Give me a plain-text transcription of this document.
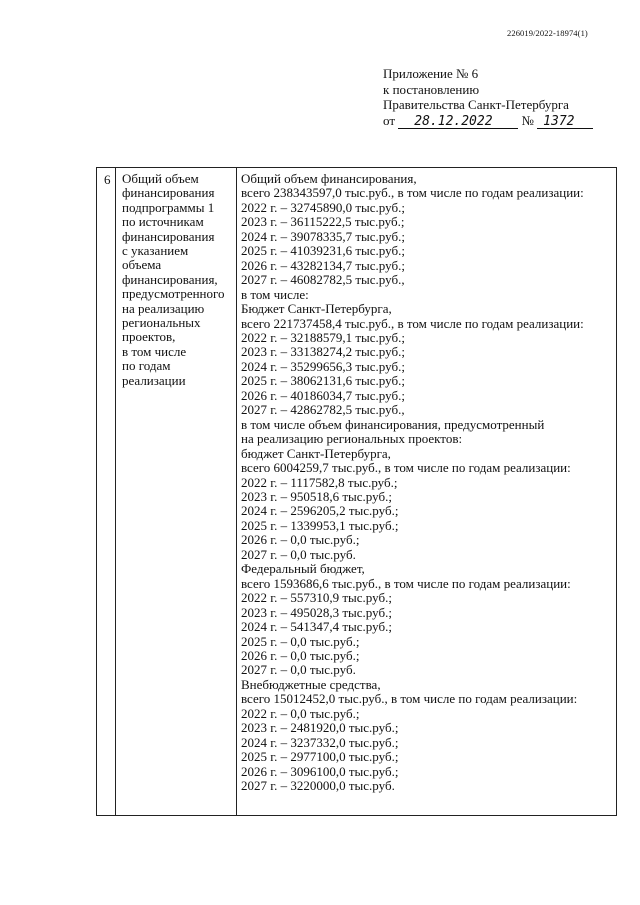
226019/2022-18974(1)
Приложение № 6
к постановлению
Правительства Санкт-Петербурга
от 28.12.2022 № 1372
6 Общий объем
финансирования
подпрограммы 1
по источникам
финансирования
с указанием
объема
финансирования,
предусмотренного
на реализацию
региональных
проектов,
в том числе
по годам
реализации
Общий объем финансирования,
всего 238343597,0 тыс.руб., в том числе по годам реализации:
2022 г. – 32745890,0 тыс.руб.;
2023 г. – 36115222,5 тыс.руб.;
2024 г. – 39078335,7 тыс.руб.;
2025 г. – 41039231,6 тыс.руб.;
2026 г. – 43282134,7 тыс.руб.;
2027 г. – 46082782,5 тыс.руб.,
в том числе:
Бюджет Санкт-Петербурга,
всего 221737458,4 тыс.руб., в том числе по годам реализации:
2022 г. – 32188579,1 тыс.руб.;
2023 г. – 33138274,2 тыс.руб.;
2024 г. – 35299656,3 тыс.руб.;
2025 г. – 38062131,6 тыс.руб.;
2026 г. – 40186034,7 тыс.руб.;
2027 г. – 42862782,5 тыс.руб.,
в том числе объем финансирования, предусмотренный
на реализацию региональных проектов:
бюджет Санкт-Петербурга,
всего 6004259,7 тыс.руб., в том числе по годам реализации:
2022 г. – 1117582,8 тыс.руб.;
2023 г. – 950518,6 тыс.руб.;
2024 г. – 2596205,2 тыс.руб.;
2025 г. – 1339953,1 тыс.руб.;
2026 г. – 0,0 тыс.руб.;
2027 г. – 0,0 тыс.руб.
Федеральный бюджет,
всего 1593686,6 тыс.руб., в том числе по годам реализации:
2022 г. – 557310,9 тыс.руб.;
2023 г. – 495028,3 тыс.руб.;
2024 г. – 541347,4 тыс.руб.;
2025 г. – 0,0 тыс.руб.;
2026 г. – 0,0 тыс.руб.;
2027 г. – 0,0 тыс.руб.
Внебюджетные средства,
всего 15012452,0 тыс.руб., в том числе по годам реализации:
2022 г. – 0,0 тыс.руб.;
2023 г. – 2481920,0 тыс.руб.;
2024 г. – 3237332,0 тыс.руб.;
2025 г. – 2977100,0 тыс.руб.;
2026 г. – 3096100,0 тыс.руб.;
2027 г. – 3220000,0 тыс.руб.
